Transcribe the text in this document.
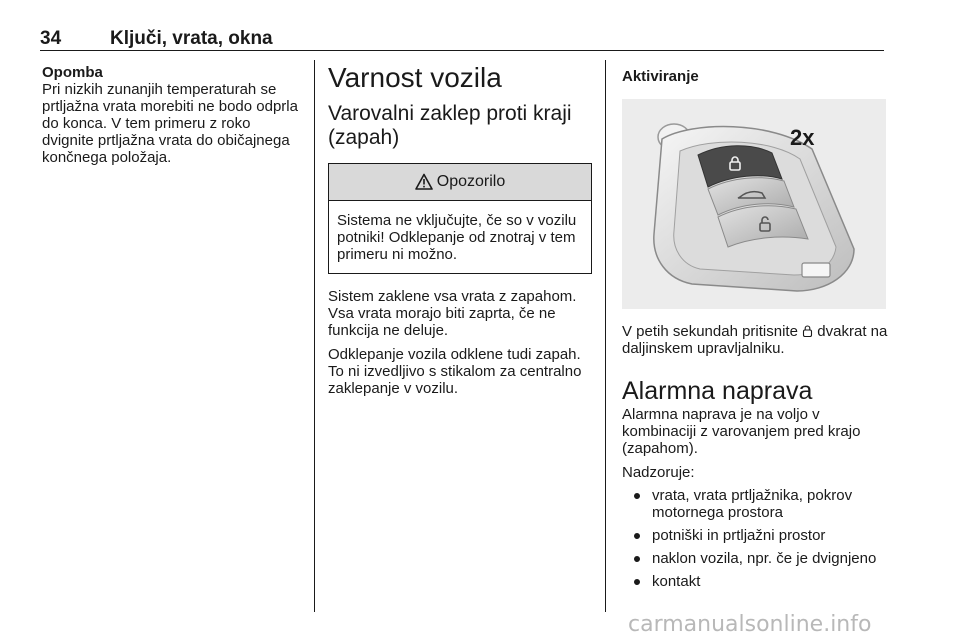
34	Ključi, vrata, okna
Opomba

Pri nizkih zunanjih temperaturah se prtljažna vrata morebiti ne bodo odprla do konca. V tem primeru z roko dvignite prtljažna vrata do običajnega končnega položaja.

Varnost vozila
Varovalni zaklep proti kraji (zapah)
Opozorilo

Sistema ne vključujte, če so v vozilu potniki! Odklepanje od znotraj v tem primeru ni možno.

Sistem zaklene vsa vrata z zapahom. Vsa vrata morajo biti zaprta, če ne funkcija ne deluje.

Odklepanje vozila odklene tudi zapah. To ni izvedljivo s stikalom za centralno zaklepanje v vozilu.

Aktiviranje
2x

V petih sekundah pritisnite dvakrat na daljinskem upravljalniku.

Alarmna naprava

Alarmna naprava je na voljo v kombinaciji z varovanjem pred krajo (zapahom).

Nadzoruje:

vrata, vrata prtljažnika, pokrov motornega prostora
potniški in prtljažni prostor
naklon vozila, npr. če je dvignjeno
kontakt
carmanualsonline.info
